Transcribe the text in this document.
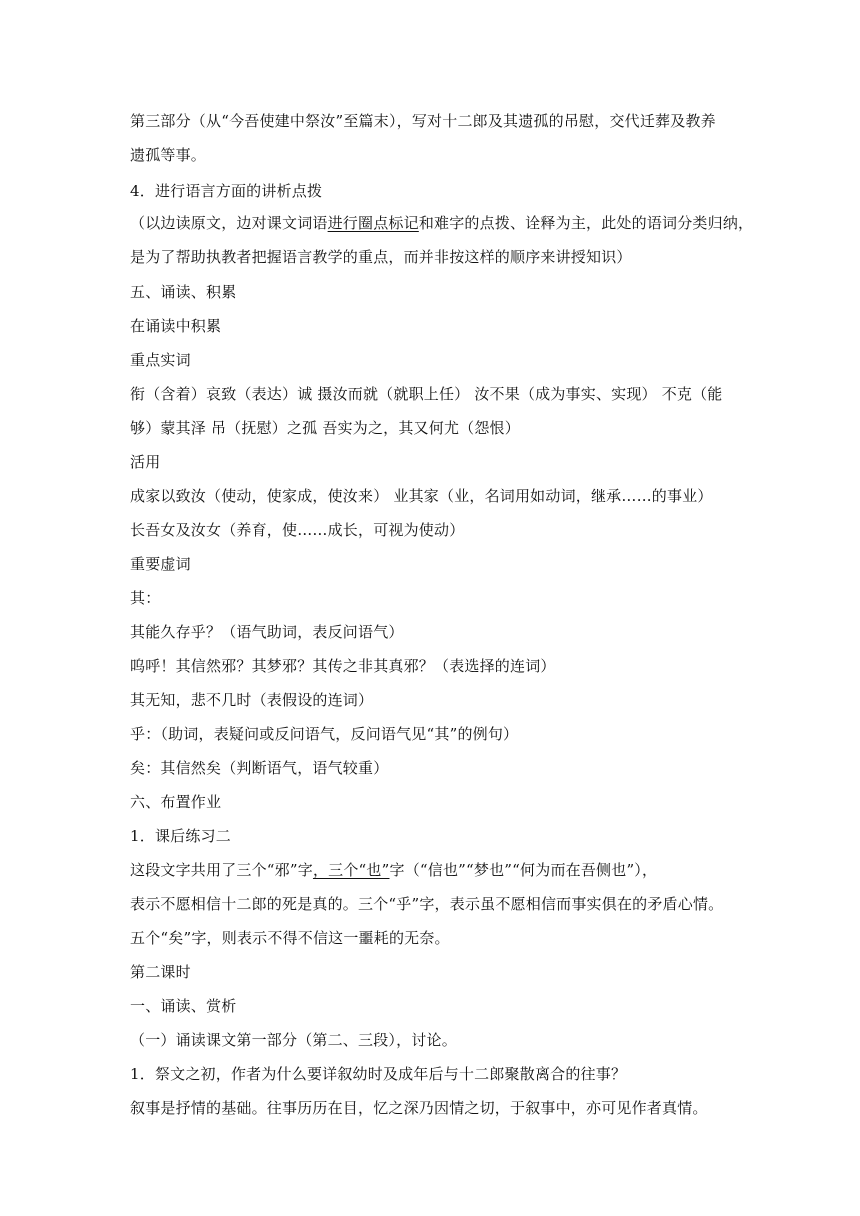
第三部分（从“今吾使建中祭汝”至篇末），写对十二郎及其遗孤的吊慰，交代迁葬及教养
遗孤等事。
4．进行语言方面的讲析点拨
（以边读原文，边对课文词语进行圈点标记和难字的点拨、诠释为主，此处的语词分类归纳，
是为了帮助执教者把握语言教学的重点，而并非按这样的顺序来讲授知识）
五、诵读、积累
在诵读中积累
重点实词
衔（含着）哀致（表达）诚 摄汝而就（就职上任） 汝不果（成为事实、实现） 不克（能
够）蒙其泽 吊（抚慰）之孤 吾实为之，其又何尤（怨恨）
活用
成家以致汝（使动，使家成，使汝来） 业其家（业，名词用如动词，继承……的事业）
长吾女及汝女（养育，使……成长，可视为使动）
重要虚词
其：
其能久存乎？（语气助词，表反问语气）
呜呼！其信然邪？其梦邪？其传之非其真邪？（表选择的连词）
其无知，悲不几时（表假设的连词）
乎：（助词，表疑问或反问语气，反问语气见“其”的例句）
矣：其信然矣（判断语气，语气较重）
六、布置作业
1．课后练习二
这段文字共用了三个“邪”字，三个“也”字（“信也”“梦也”“何为而在吾侧也”），
表示不愿相信十二郎的死是真的。三个“乎”字，表示虽不愿相信而事实俱在的矛盾心情。
五个“矣”字，则表示不得不信这一噩耗的无奈。
第二课时
一、诵读、赏析
（一）诵读课文第一部分（第二、三段），讨论。
1．祭文之初，作者为什么要详叙幼时及成年后与十二郎聚散离合的往事？
叙事是抒情的基础。往事历历在目，忆之深乃因情之切，于叙事中，亦可见作者真情。
